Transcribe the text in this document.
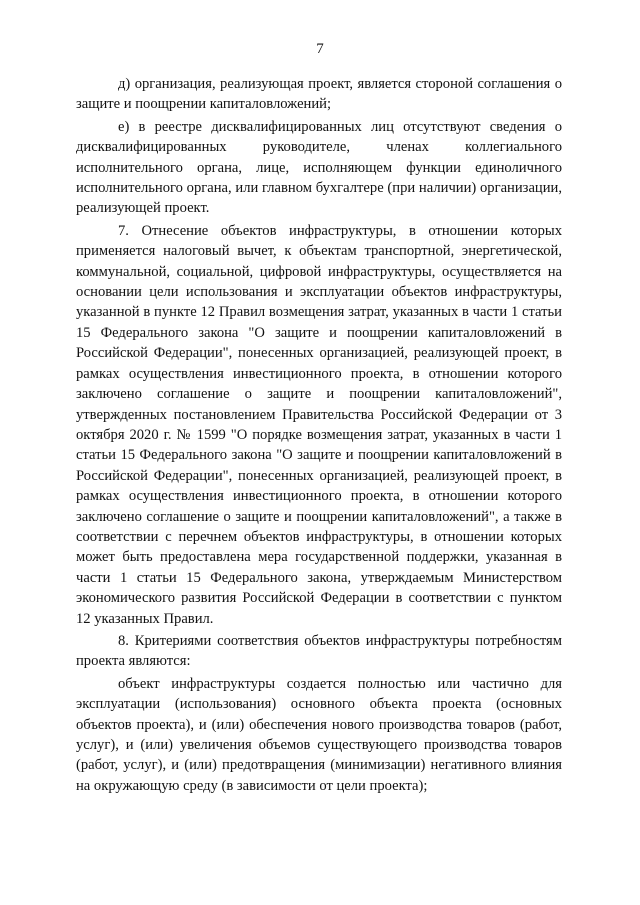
7

д) организация, реализующая проект, является стороной соглашения о защите и поощрении капиталовложений;

е) в реестре дисквалифицированных лиц отсутствуют сведения о дисквалифицированных руководителе, членах коллегиального исполнительного органа, лице, исполняющем функции единоличного исполнительного органа, или главном бухгалтере (при наличии) организации, реализующей проект.

7. Отнесение объектов инфраструктуры, в отношении которых применяется налоговый вычет, к объектам транспортной, энергетической, коммунальной, социальной, цифровой инфраструктуры, осуществляется на основании цели использования и эксплуатации объектов инфраструктуры, указанной в пункте 12 Правил возмещения затрат, указанных в части 1 статьи 15 Федерального закона "О защите и поощрении капиталовложений в Российской Федерации", понесенных организацией, реализующей проект, в рамках осуществления инвестиционного проекта, в отношении которого заключено соглашение о защите и поощрении капиталовложений", утвержденных постановлением Правительства Российской Федерации от 3 октября 2020 г. № 1599 "О порядке возмещения затрат, указанных в части 1 статьи 15 Федерального закона "О защите и поощрении капиталовложений в Российской Федерации", понесенных организацией, реализующей проект, в рамках осуществления инвестиционного проекта, в отношении которого заключено соглашение о защите и поощрении капиталовложений", а также в соответствии с перечнем объектов инфраструктуры, в отношении которых может быть предоставлена мера государственной поддержки, указанная в части 1 статьи 15 Федерального закона, утверждаемым Министерством экономического развития Российской Федерации в соответствии с пунктом 12 указанных Правил.

8. Критериями соответствия объектов инфраструктуры потребностям проекта являются:

объект инфраструктуры создается полностью или частично для эксплуатации (использования) основного объекта проекта (основных объектов проекта), и (или) обеспечения нового производства товаров (работ, услуг), и (или) увеличения объемов существующего производства товаров (работ, услуг), и (или) предотвращения (минимизации) негативного влияния на окружающую среду (в зависимости от цели проекта);
